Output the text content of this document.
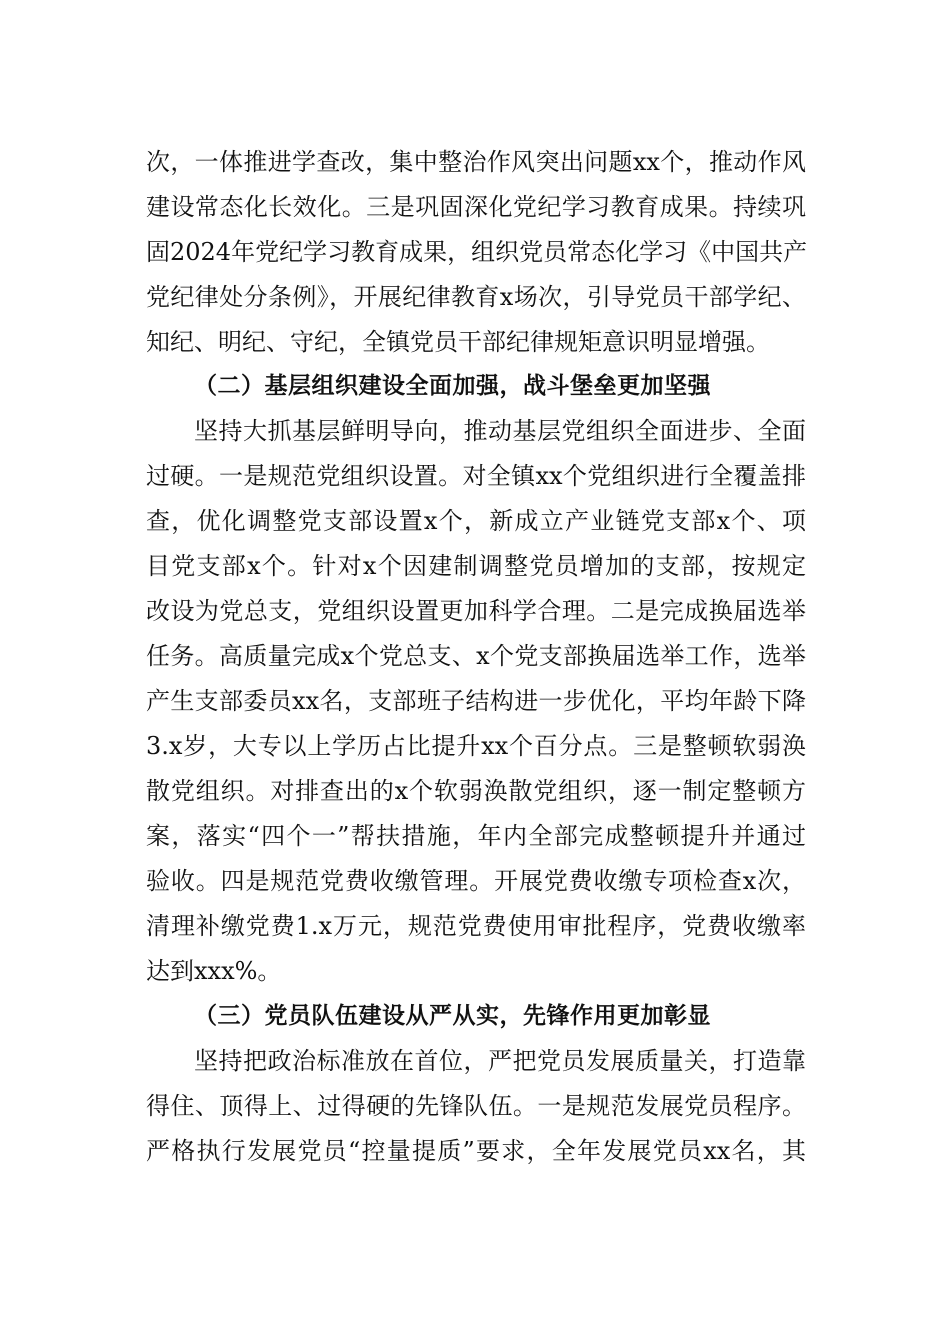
次，一体推进学查改，集中整治作风突出问题xx个，推动作风

建设常态化长效化。三是巩固深化党纪学习教育成果。持续巩

固2024年党纪学习教育成果，组织党员常态化学习《中国共产

党纪律处分条例》，开展纪律教育x场次，引导党员干部学纪、

知纪、明纪、守纪，全镇党员干部纪律规矩意识明显增强。

（二）基层组织建设全面加强，战斗堡垒更加坚强

坚持大抓基层鲜明导向，推动基层党组织全面进步、全面

过硬。一是规范党组织设置。对全镇xx个党组织进行全覆盖排

查，优化调整党支部设置x个，新成立产业链党支部x个、项

目党支部x个。针对x个因建制调整党员增加的支部，按规定

改设为党总支，党组织设置更加科学合理。二是完成换届选举

任务。高质量完成x个党总支、x个党支部换届选举工作，选举

产生支部委员xx名，支部班子结构进一步优化，平均年龄下降

3.x岁，大专以上学历占比提升xx个百分点。三是整顿软弱涣

散党组织。对排查出的x个软弱涣散党组织，逐一制定整顿方

案，落实“四个一”帮扶措施，年内全部完成整顿提升并通过

验收。四是规范党费收缴管理。开展党费收缴专项检查x次，

清理补缴党费1.x万元，规范党费使用审批程序，党费收缴率

达到xxx%。

（三）党员队伍建设从严从实，先锋作用更加彰显

坚持把政治标准放在首位，严把党员发展质量关，打造靠

得住、顶得上、过得硬的先锋队伍。一是规范发展党员程序。

严格执行发展党员“控量提质”要求，全年发展党员xx名，其
